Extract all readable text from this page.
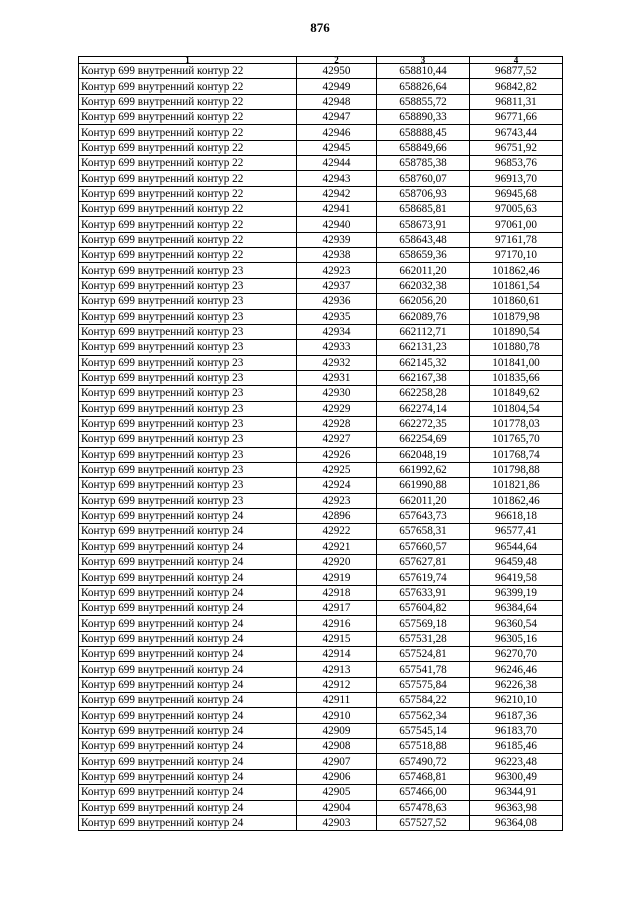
876
1	2	3	4
Контур 699 внутренний контур 22	42950	658810,44	96877,52
Контур 699 внутренний контур 22	42949	658826,64	96842,82
Контур 699 внутренний контур 22	42948	658855,72	96811,31
Контур 699 внутренний контур 22	42947	658890,33	96771,66
Контур 699 внутренний контур 22	42946	658888,45	96743,44
Контур 699 внутренний контур 22	42945	658849,66	96751,92
Контур 699 внутренний контур 22	42944	658785,38	96853,76
Контур 699 внутренний контур 22	42943	658760,07	96913,70
Контур 699 внутренний контур 22	42942	658706,93	96945,68
Контур 699 внутренний контур 22	42941	658685,81	97005,63
Контур 699 внутренний контур 22	42940	658673,91	97061,00
Контур 699 внутренний контур 22	42939	658643,48	97161,78
Контур 699 внутренний контур 22	42938	658659,36	97170,10
Контур 699 внутренний контур 23	42923	662011,20	101862,46
Контур 699 внутренний контур 23	42937	662032,38	101861,54
Контур 699 внутренний контур 23	42936	662056,20	101860,61
Контур 699 внутренний контур 23	42935	662089,76	101879,98
Контур 699 внутренний контур 23	42934	662112,71	101890,54
Контур 699 внутренний контур 23	42933	662131,23	101880,78
Контур 699 внутренний контур 23	42932	662145,32	101841,00
Контур 699 внутренний контур 23	42931	662167,38	101835,66
Контур 699 внутренний контур 23	42930	662258,28	101849,62
Контур 699 внутренний контур 23	42929	662274,14	101804,54
Контур 699 внутренний контур 23	42928	662272,35	101778,03
Контур 699 внутренний контур 23	42927	662254,69	101765,70
Контур 699 внутренний контур 23	42926	662048,19	101768,74
Контур 699 внутренний контур 23	42925	661992,62	101798,88
Контур 699 внутренний контур 23	42924	661990,88	101821,86
Контур 699 внутренний контур 23	42923	662011,20	101862,46
Контур 699 внутренний контур 24	42896	657643,73	96618,18
Контур 699 внутренний контур 24	42922	657658,31	96577,41
Контур 699 внутренний контур 24	42921	657660,57	96544,64
Контур 699 внутренний контур 24	42920	657627,81	96459,48
Контур 699 внутренний контур 24	42919	657619,74	96419,58
Контур 699 внутренний контур 24	42918	657633,91	96399,19
Контур 699 внутренний контур 24	42917	657604,82	96384,64
Контур 699 внутренний контур 24	42916	657569,18	96360,54
Контур 699 внутренний контур 24	42915	657531,28	96305,16
Контур 699 внутренний контур 24	42914	657524,81	96270,70
Контур 699 внутренний контур 24	42913	657541,78	96246,46
Контур 699 внутренний контур 24	42912	657575,84	96226,38
Контур 699 внутренний контур 24	42911	657584,22	96210,10
Контур 699 внутренний контур 24	42910	657562,34	96187,36
Контур 699 внутренний контур 24	42909	657545,14	96183,70
Контур 699 внутренний контур 24	42908	657518,88	96185,46
Контур 699 внутренний контур 24	42907	657490,72	96223,48
Контур 699 внутренний контур 24	42906	657468,81	96300,49
Контур 699 внутренний контур 24	42905	657466,00	96344,91
Контур 699 внутренний контур 24	42904	657478,63	96363,98
Контур 699 внутренний контур 24	42903	657527,52	96364,08
